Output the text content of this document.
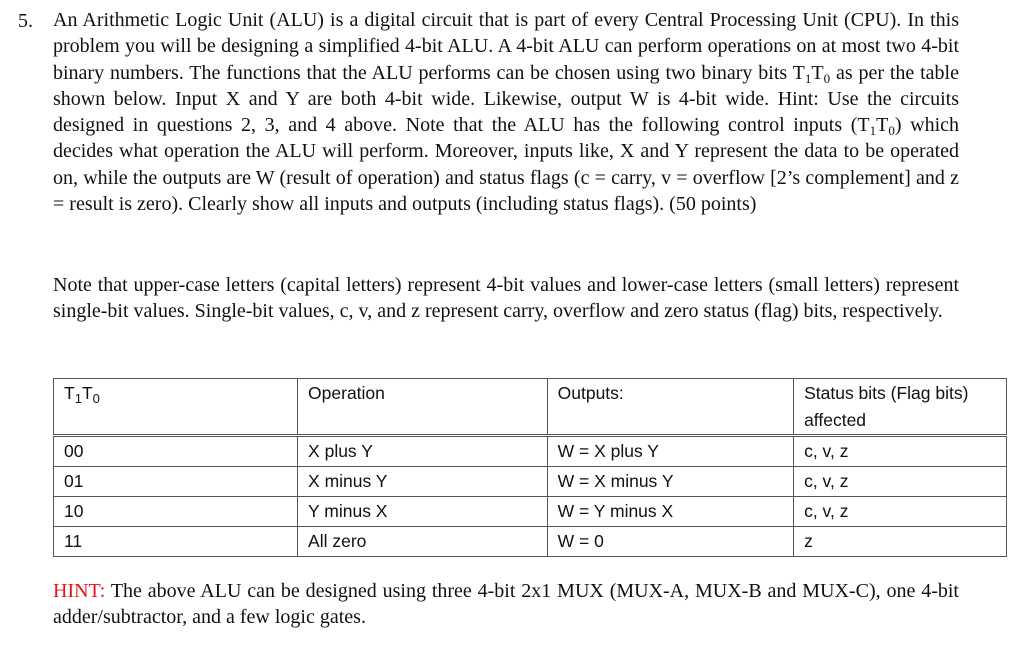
5. An Arithmetic Logic Unit (ALU) is a digital circuit that is part of every Central Processing Unit (CPU). In this problem you will be designing a simplified 4-bit ALU. A 4-bit ALU can perform operations on at most two 4-bit binary numbers. The functions that the ALU performs can be chosen using two binary bits $T_1T_0$ as per the table shown below. Input X and Y are both 4-bit wide. Likewise, output W is 4-bit wide. Hint: Use the circuits designed in questions 2, 3, and 4 above. Note that the ALU has the following control inputs $(T_1T_0)$ which decides what operation the ALU will perform. Moreover, inputs like, X and Y represent the data to be operated on, while the outputs are W (result of operation) and status flags (c = carry, v = overflow [2’s complement] and z = result is zero). Clearly show all inputs and outputs (including status flags). (50 points)

Note that upper-case letters (capital letters) represent 4-bit values and lower-case letters (small letters) represent single-bit values. Single-bit values, c, v, and z represent carry, overflow and zero status (flag) bits, respectively.

$T_1T_0$	Operation	Outputs:	Status bits (Flag bits) affected
00	X plus Y	W = X plus Y	c, v, z
01	X minus Y	W = X minus Y	c, v, z
10	Y minus X	W = Y minus X	c, v, z
11	All zero	W = 0	z

HINT: The above ALU can be designed using three 4-bit 2x1 MUX (MUX-A, MUX-B and MUX-C), one 4-bit adder/subtractor, and a few logic gates.
